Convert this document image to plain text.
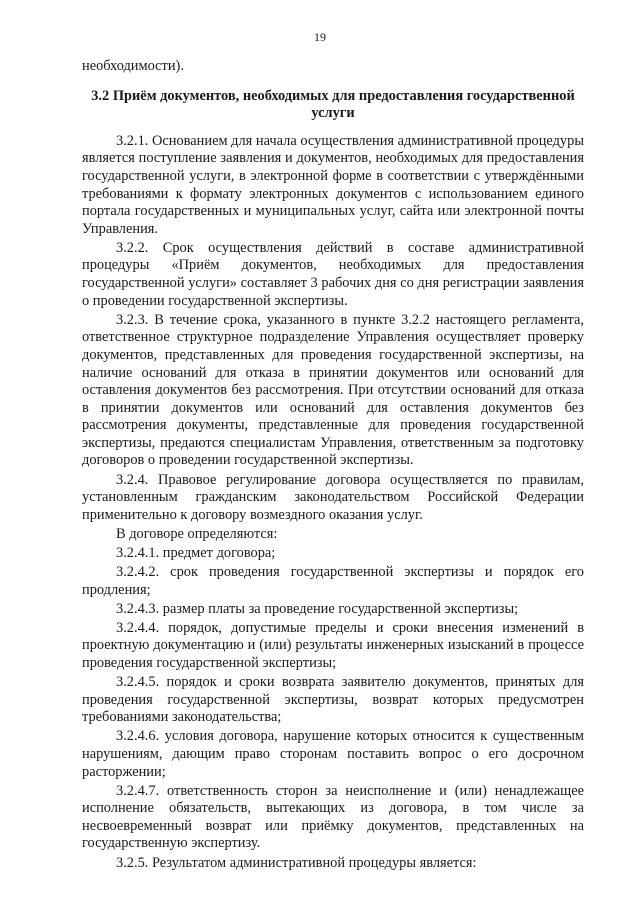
19

необходимости).

3.2 Приём документов, необходимых для предоставления государственной услуги

3.2.1. Основанием для начала осуществления административной процедуры является поступление заявления и документов, необходимых для предоставления государственной услуги, в электронной форме в соответствии с утверждёнными требованиями к формату электронных документов с использованием единого портала государственных и муниципальных услуг, сайта или электронной почты Управления.

3.2.2. Срок осуществления действий в составе административной процедуры «Приём документов, необходимых для предоставления государственной услуги» составляет 3 рабочих дня со дня регистрации заявления о проведении государственной экспертизы.

3.2.3. В течение срока, указанного в пункте 3.2.2 настоящего регламента, ответственное структурное подразделение Управления осуществляет проверку документов, представленных для проведения государственной экспертизы, на наличие оснований для отказа в принятии документов или оснований для оставления документов без рассмотрения. При отсутствии оснований для отказа в принятии документов или оснований для оставления документов без рассмотрения документы, представленные для проведения государственной экспертизы, предаются специалистам Управления, ответственным за подготовку договоров о проведении государственной экспертизы.

3.2.4. Правовое регулирование договора осуществляется по правилам, установленным гражданским законодательством Российской Федерации применительно к договору возмездного оказания услуг.

В договоре определяются:

3.2.4.1. предмет договора;

3.2.4.2. срок проведения государственной экспертизы и порядок его продления;

3.2.4.3. размер платы за проведение государственной экспертизы;

3.2.4.4. порядок, допустимые пределы и сроки внесения изменений в проектную документацию и (или) результаты инженерных изысканий в процессе проведения государственной экспертизы;

3.2.4.5. порядок и сроки возврата заявителю документов, принятых для проведения государственной экспертизы, возврат которых предусмотрен требованиями законодательства;

3.2.4.6. условия договора, нарушение которых относится к существенным нарушениям, дающим право сторонам поставить вопрос о его досрочном расторжении;

3.2.4.7. ответственность сторон за неисполнение и (или) ненадлежащее исполнение обязательств, вытекающих из договора, в том числе за несвоевременный возврат или приёмку документов, представленных на государственную экспертизу.

3.2.5. Результатом административной процедуры является:
